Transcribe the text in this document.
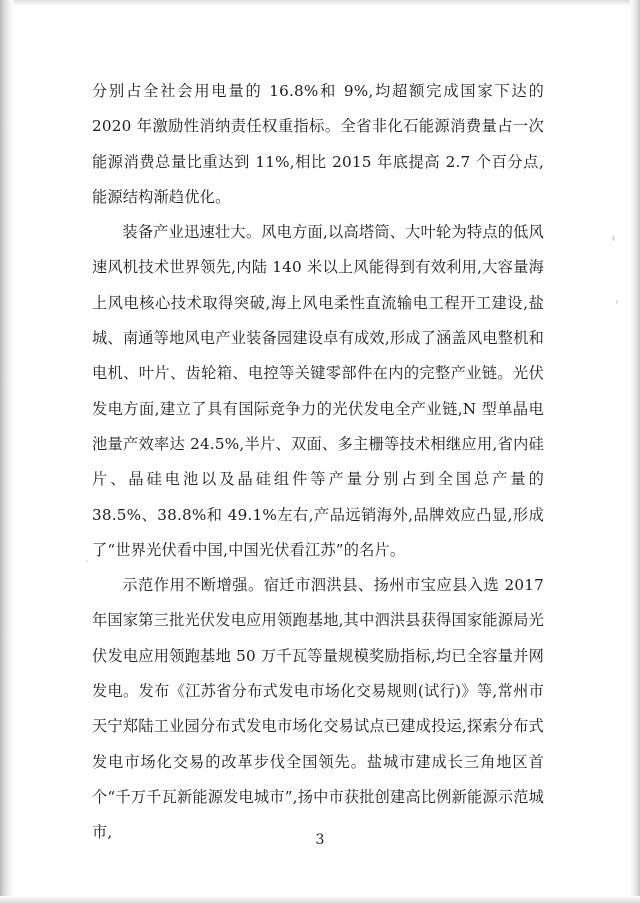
分别占全社会用电量的 16.8%和 9%,均超额完成国家下达的 2020 年激励性消纳责任权重指标。全省非化石能源消费量占一次能源消费总量比重达到 11%,相比 2015 年底提高 2.7 个百分点,能源结构渐趋优化。

装备产业迅速壮大。风电方面,以高塔筒、大叶轮为特点的低风速风机技术世界领先,内陆 140 米以上风能得到有效利用,大容量海上风电核心技术取得突破,海上风电柔性直流输电工程开工建设,盐城、南通等地风电产业装备园建设卓有成效,形成了涵盖风电整机和电机、叶片、齿轮箱、电控等关键零部件在内的完整产业链。光伏发电方面,建立了具有国际竞争力的光伏发电全产业链,N 型单晶电池量产效率达 24.5%,半片、双面、多主栅等技术相继应用,省内硅片、晶硅电池以及晶硅组件等产量分别占到全国总产量的 38.5%、38.8%和 49.1%左右,产品远销海外,品牌效应凸显,形成了“世界光伏看中国,中国光伏看江苏”的名片。

示范作用不断增强。宿迁市泗洪县、扬州市宝应县入选 2017 年国家第三批光伏发电应用领跑基地,其中泗洪县获得国家能源局光伏发电应用领跑基地 50 万千瓦等量规模奖励指标,均已全容量并网发电。发布《江苏省分布式发电市场化交易规则(试行)》等,常州市天宁郑陆工业园分布式发电市场化交易试点已建成投运,探索分布式发电市场化交易的改革步伐全国领先。盐城市建成长三角地区首个“千万千瓦新能源发电城市”,扬中市获批创建高比例新能源示范城市,	3
